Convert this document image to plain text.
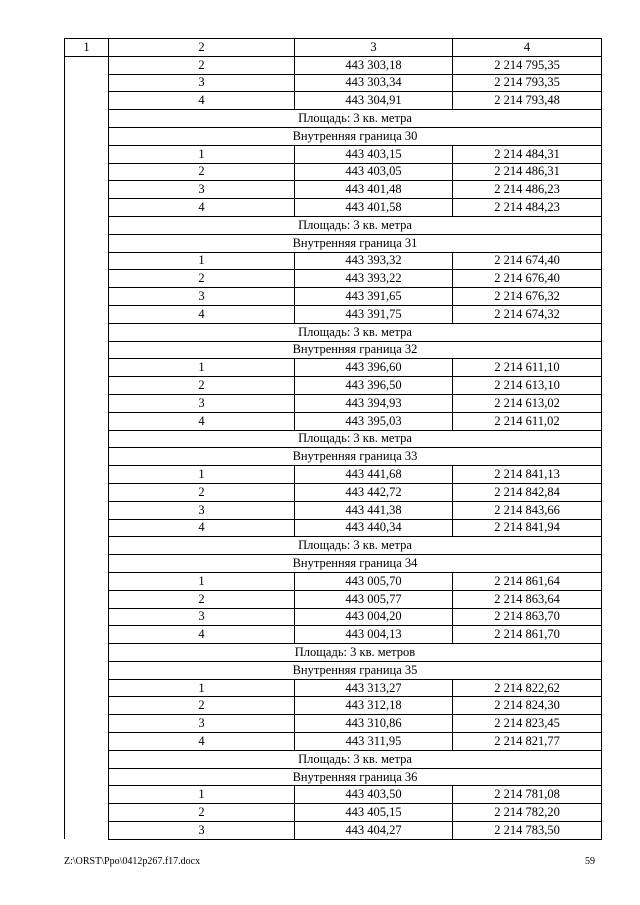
1	2	3	4
	2	443 303,18	2 214 795,35
	3	443 303,34	2 214 793,35
	4	443 304,91	2 214 793,48
	Площадь: 3 кв. метра		
	Внутренняя граница 30		
	1	443 403,15	2 214 484,31
	2	443 403,05	2 214 486,31
	3	443 401,48	2 214 486,23
	4	443 401,58	2 214 484,23
	Площадь: 3 кв. метра		
	Внутренняя граница 31		
	1	443 393,32	2 214 674,40
	2	443 393,22	2 214 676,40
	3	443 391,65	2 214 676,32
	4	443 391,75	2 214 674,32
	Площадь: 3 кв. метра		
	Внутренняя граница 32		
	1	443 396,60	2 214 611,10
	2	443 396,50	2 214 613,10
	3	443 394,93	2 214 613,02
	4	443 395,03	2 214 611,02
	Площадь: 3 кв. метра		
	Внутренняя граница 33		
	1	443 441,68	2 214 841,13
	2	443 442,72	2 214 842,84
	3	443 441,38	2 214 843,66
	4	443 440,34	2 214 841,94
	Площадь: 3 кв. метра		
	Внутренняя граница 34		
	1	443 005,70	2 214 861,64
	2	443 005,77	2 214 863,64
	3	443 004,20	2 214 863,70
	4	443 004,13	2 214 861,70
	Площадь: 3 кв. метров		
	Внутренняя граница 35		
	1	443 313,27	2 214 822,62
	2	443 312,18	2 214 824,30
	3	443 310,86	2 214 823,45
	4	443 311,95	2 214 821,77
	Площадь: 3 кв. метра		
	Внутренняя граница 36		
	1	443 403,50	2 214 781,08
	2	443 405,15	2 214 782,20
	3	443 404,27	2 214 783,50
Z:\ORST\Ppo\0412p267.f17.docx	59
